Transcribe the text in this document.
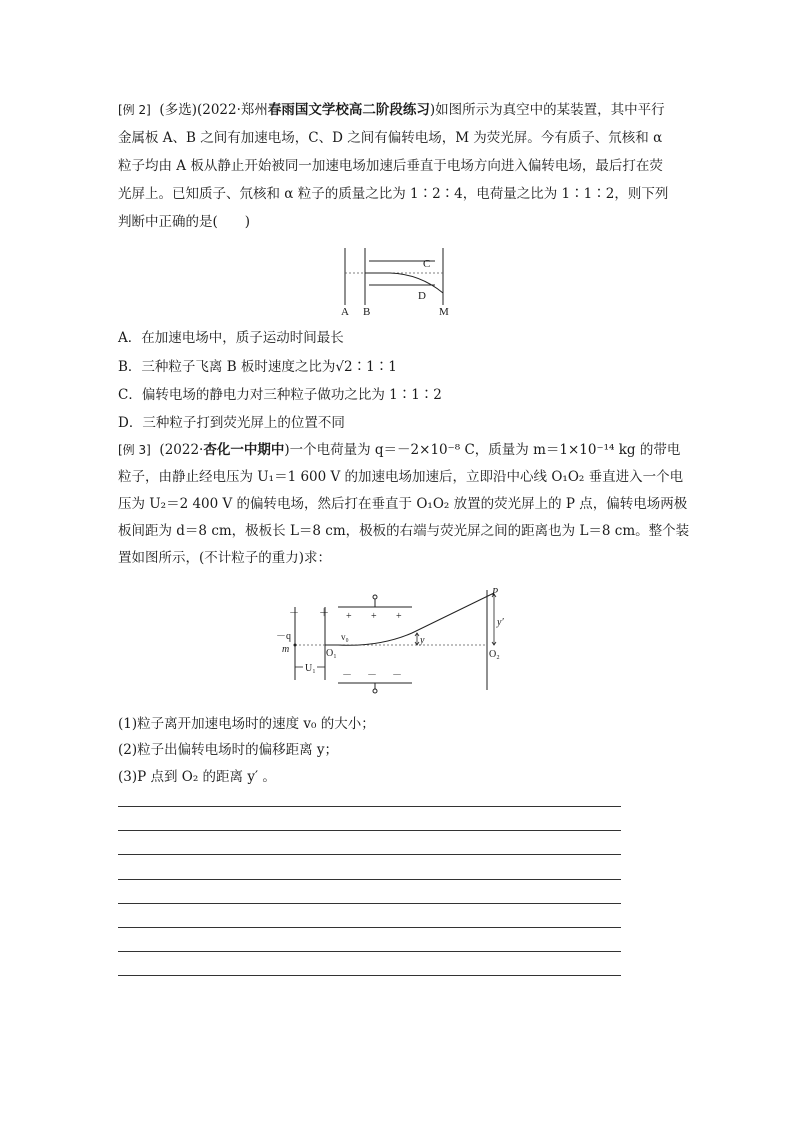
[例 2] (多选)(2022·郑州春雨国文学校高二阶段练习)如图所示为真空中的某装置，其中平行
金属板 A、B 之间有加速电场，C、D 之间有偏转电场，M 为荧光屏。今有质子、氘核和 α
粒子均由 A 板从静止开始被同一加速电场加速后垂直于电场方向进入偏转电场，最后打在荧
光屏上。已知质子、氘核和 α 粒子的质量之比为 1∶2∶4，电荷量之比为 1∶1∶2，则下列
判断中正确的是(　　)
C
D
A B	M
A．在加速电场中，质子运动时间最长
B．三种粒子飞离 B 板时速度之比为√2∶1∶1
C．偏转电场的静电力对三种粒子做功之比为 1∶1∶2
D．三种粒子打到荧光屏上的位置不同
[例 3] (2022·杏化一中期中)一个电荷量为 q＝－2×10⁻⁸ C，质量为 m＝1×10⁻¹⁴ kg 的带电
粒子，由静止经电压为 U₁＝1 600 V 的加速电场加速后，立即沿中心线 O₁O₂ 垂直进入一个电
压为 U₂＝2 400 V 的偏转电场，然后打在垂直于 O₁O₂ 放置的荧光屏上的 P 点，偏转电场两极
板间距为 d＝8 cm，极板长 L＝8 cm，极板的右端与荧光屏之间的距离也为 L＝8 cm。整个装
置如图所示，(不计粒子的重力)求：
－ ＋ + + +
－ － －
－q
m
U₁
v₀
O₁	O₂
P
y
y′
(1)粒子离开加速电场时的速度 v₀ 的大小；
(2)粒子出偏转电场时的偏移距离 y；
(3)P 点到 O₂ 的距离 y′ 。
